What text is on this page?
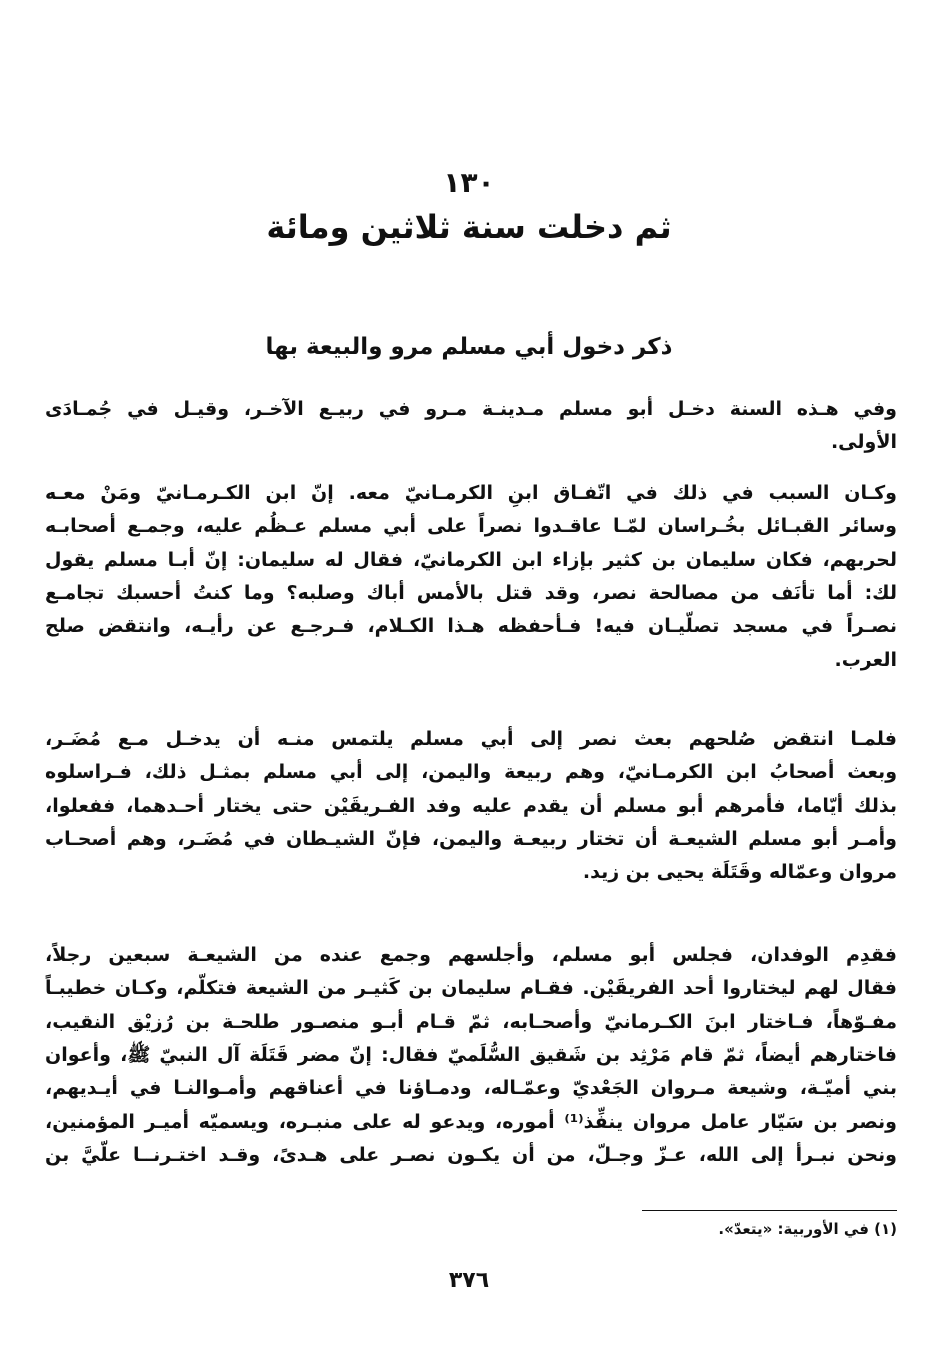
١٣٠
ثم دخلت سنة ثلاثين ومائة
ذكر دخول أبي مسلم مرو والبيعة بها
وفي هـذه السنة دخـل أبو مسلم مـدينـة مـرو في ربيـع الآخـر، وقيـل في جُمـادَى
الأولى.
وكـان السبب في ذلك في اتّفـاق ابنِ الكرمـانيّ معه. إنّ ابن الكـرمـانيّ ومَنْ معـه
وسائر القبـائل بخُـراسان لمّـا عاقـدوا نصراً على أبي مسلم عـظُم عليه، وجمـع أصحابـه
لحربهم، فكان سليمان بن كثير بإزاء ابن الكرمانيّ، فقال له سليمان: إنّ أبـا مسلم يقول
لك: أما تأنَف من مصالحة نصر، وقد قتل بالأمس أباك وصلبه؟ وما كنتُ أحسبك تجامـع
نصـراً في مسجد تصلّيـان فيه! فـأحفظه هـذا الكـلام، فـرجـع عن رأيـه، وانتقض صلح
العرب.
فلمـا انتقض صُلحهم بعث نصر إلى أبي مسلم يلتمس منـه أن يدخـل مـع مُضَـر،
وبعث أصحابُ ابن الكرمـانيّ، وهم ربيعة واليمن، إلى أبي مسلم بمثـل ذلك، فـراسلوه
بذلك أيّاما، فأمرهم أبو مسلم أن يقدم عليه وفد الفـريقَيْن حتى يختار أحـدهما، ففعلوا،
وأمـر أبو مسلم الشيعـة أن تختار ربيعـة واليمن، فإنّ الشيـطان في مُضَـر، وهم أصحـاب
مروان وعمّاله وقَتَلَة يحيى بن زيد.
فقدِم الوفدان، فجلس أبو مسلم، وأجلسهم وجمع عنده من الشيعـة سبعين رجلاً،
فقال لهم ليختاروا أحد الفريقَيْن. فقـام سليمان بن كَثيـر من الشيعة فتكلّم، وكـان خطيبـاً
مفـوّهاً، فـاختار ابنَ الكـرمانيّ وأصحـابه، ثمّ قـام أبـو منصـور طلحـة بن رُزيْق النقيب،
فاختارهم أيضاً، ثمّ قام مَرْثِد بن شَقيق السُّلَميّ فقال: إنّ مضر قَتَلَة آل النبيّ ﷺ، وأعوان
بني أميّـة، وشيعة مـروان الجَعْديّ وعمّـاله، ودمـاؤنا في أعناقهم وأمـوالنـا في أيـديهم،
ونصر بن سَيّار عامل مروان ينفِّذ⁽¹⁾ أموره، ويدعو له على منبـره، ويسميّه أميـر المؤمنين،
ونحن نبـرأ إلى الله، عـزّ وجـلّ، من أن يكـون نصـر على هـدىً، وقـد اختـرنــا علّيَّ بن
(١) في الأوربية: «يتعدّ».
٣٧٦
